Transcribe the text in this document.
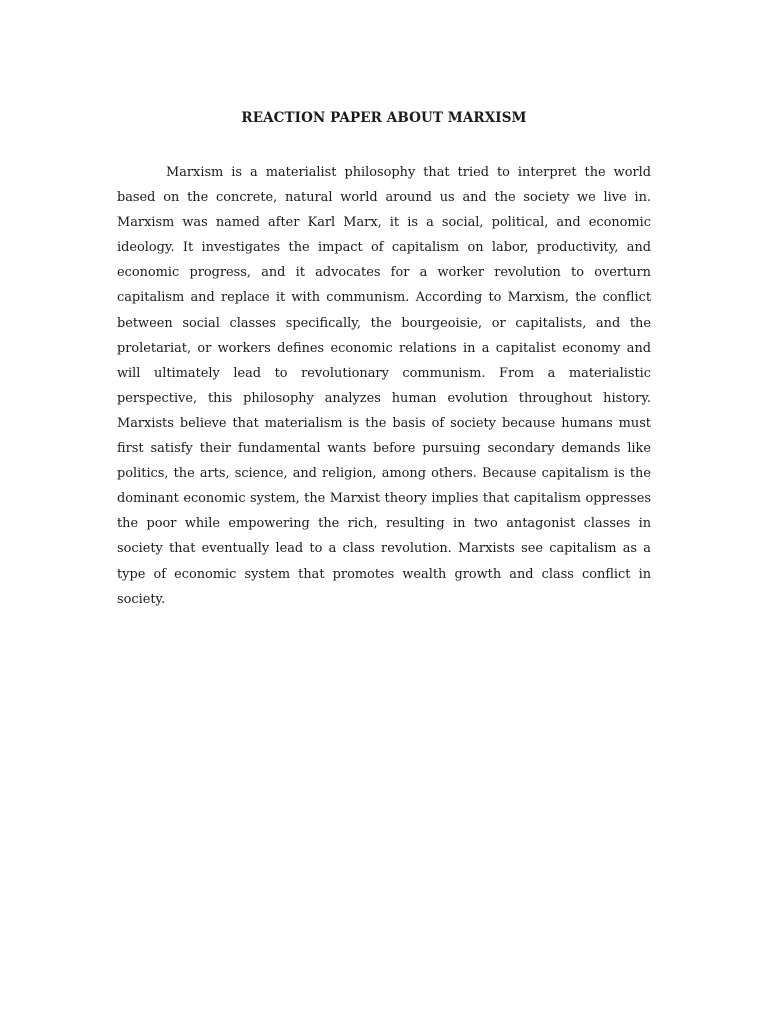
REACTION PAPER ABOUT MARXISM

Marxism is a materialist philosophy that tried to interpret the world based on the concrete, natural world around us and the society we live in. Marxism was named after Karl Marx, it is a social, political, and economic ideology. It investigates the impact of capitalism on labor, productivity, and economic progress, and it advocates for a worker revolution to overturn capitalism and replace it with communism. According to Marxism, the conflict between social classes specifically, the bourgeoisie, or capitalists, and the proletariat, or workers defines economic relations in a capitalist economy and will ultimately lead to revolutionary communism. From a materialistic perspective, this philosophy analyzes human evolution throughout history. Marxists believe that materialism is the basis of society because humans must first satisfy their fundamental wants before pursuing secondary demands like politics, the arts, science, and religion, among others. Because capitalism is the dominant economic system, the Marxist theory implies that capitalism oppresses the poor while empowering the rich, resulting in two antagonist classes in society that eventually lead to a class revolution. Marxists see capitalism as a type of economic system that promotes wealth growth and class conflict in society.
